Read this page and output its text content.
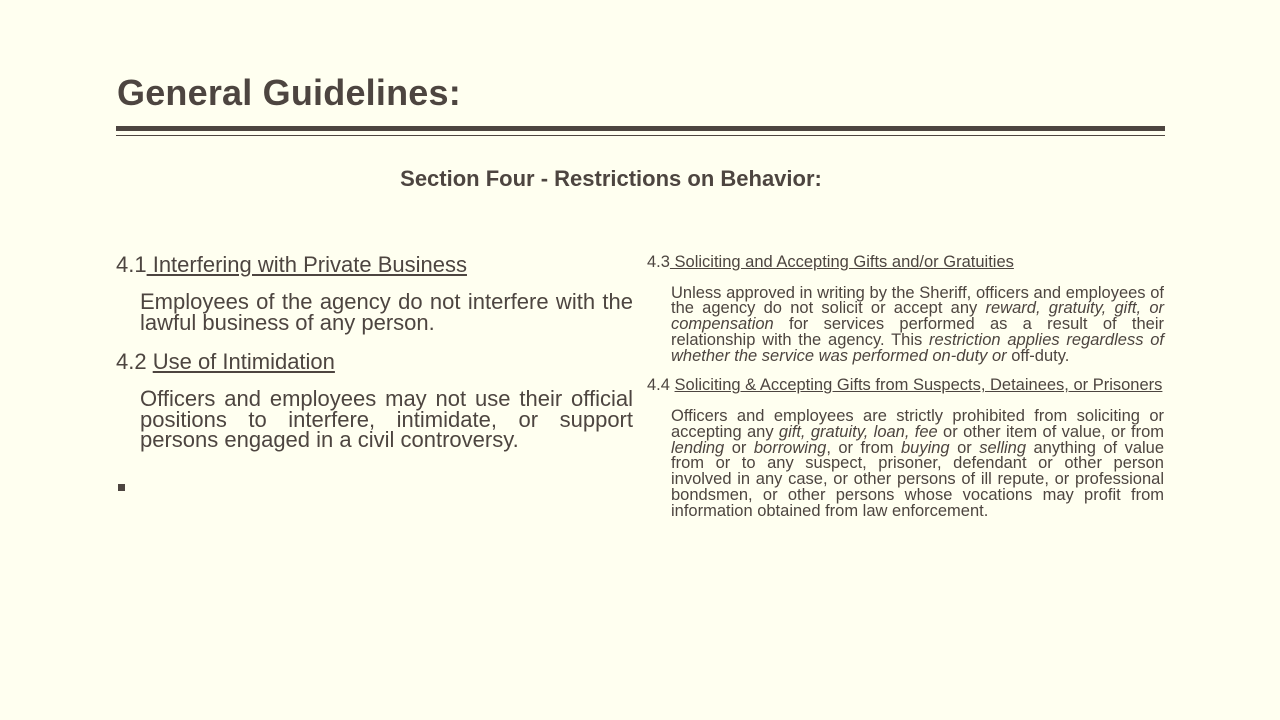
General Guidelines:
Section Four - Restrictions on Behavior:

4.1 Interfering with Private Business

Employees of the agency do not interfere with the lawful business of any person.

4.2 Use of Intimidation

Officers and employees may not use their official positions to interfere, intimidate, or support persons engaged in a civil controversy.

4.3 Soliciting and Accepting Gifts and/or Gratuities

Unless approved in writing by the Sheriff, officers and employees of the agency do not solicit or accept any reward, gratuity, gift, or compensation for services performed as a result of their relationship with the agency. This restriction applies regardless of whether the service was performed on-duty or off-duty.

4.4 Soliciting & Accepting Gifts from Suspects, Detainees, or Prisoners

Officers and employees are strictly prohibited from soliciting or accepting any gift, gratuity, loan, fee or other item of value, or from lending or borrowing, or from buying or selling anything of value from or to any suspect, prisoner, defendant or other person involved in any case, or other persons of ill repute, or professional bondsmen, or other persons whose vocations may profit from information obtained from law enforcement.
